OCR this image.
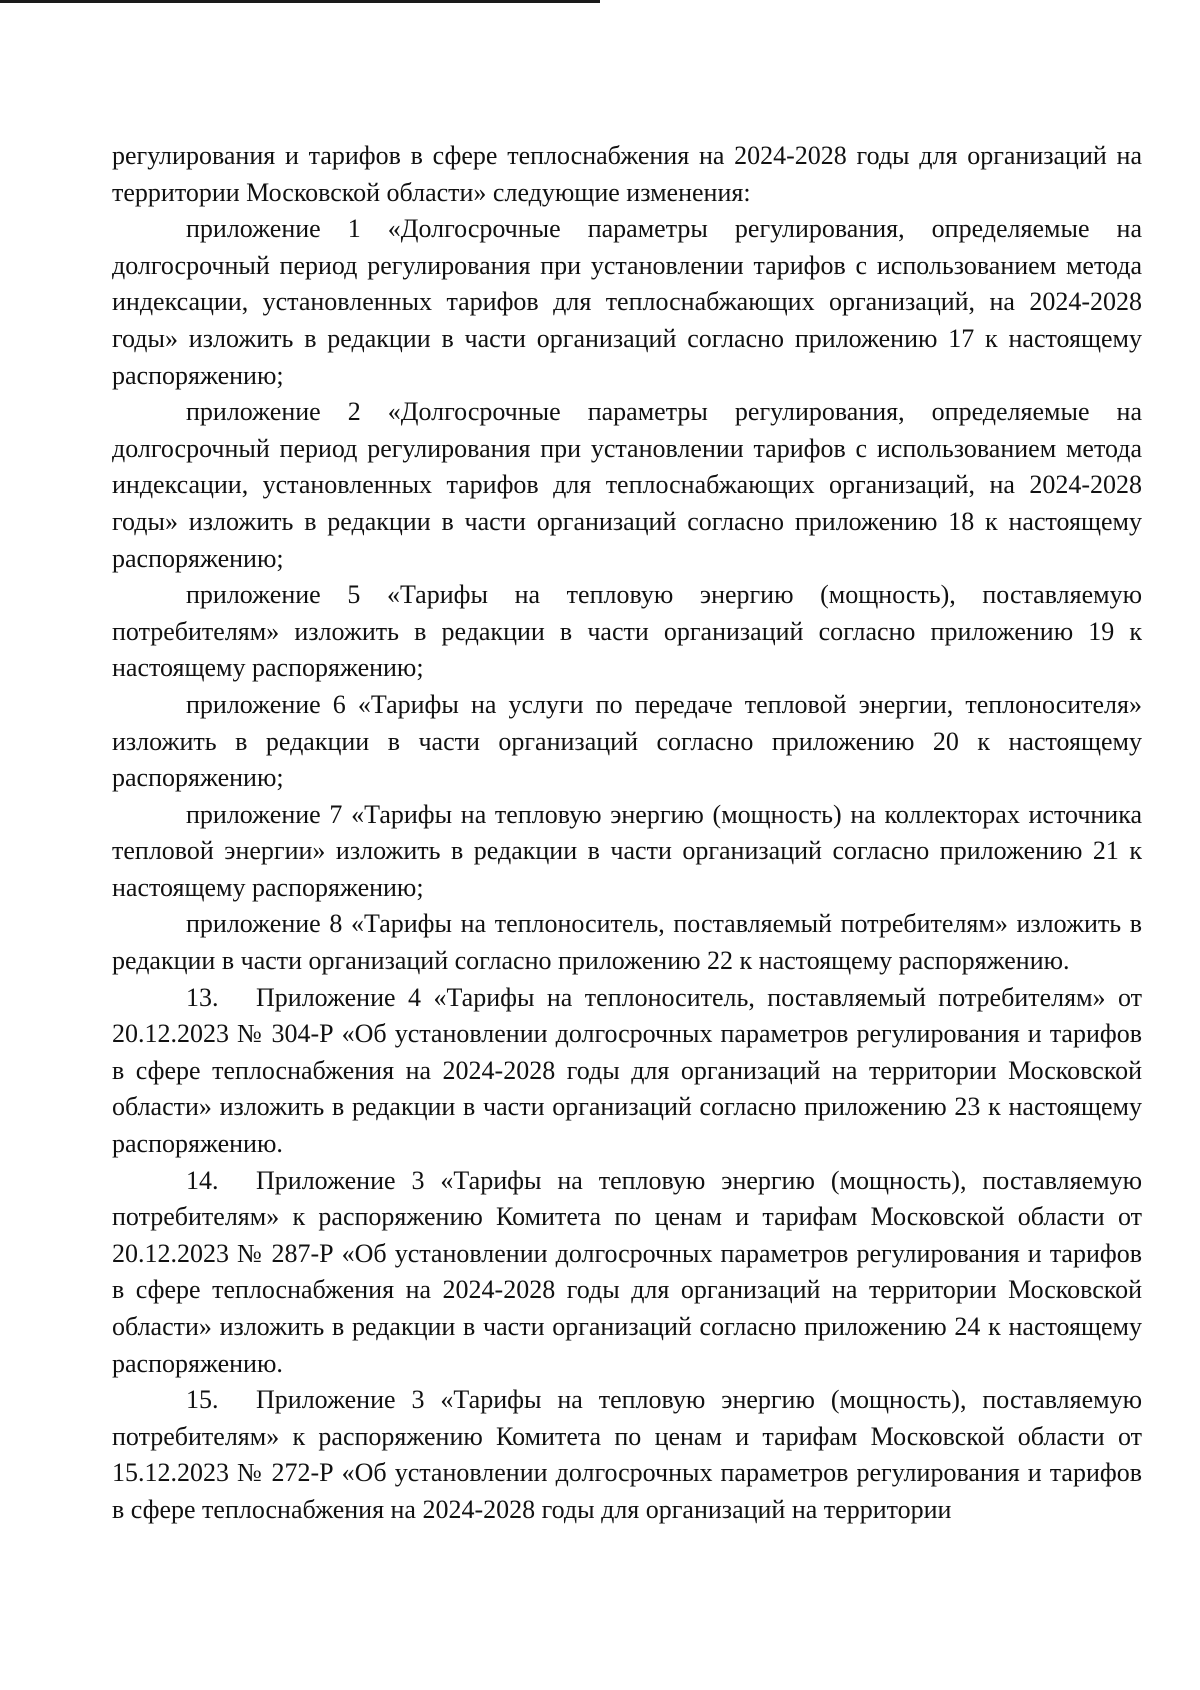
регулирования и тарифов в сфере теплоснабжения на 2024-2028 годы для организаций на территории Московской области» следующие изменения:

приложение 1 «Долгосрочные параметры регулирования, определяемые на долгосрочный период регулирования при установлении тарифов с использованием метода индексации, установленных тарифов для теплоснабжающих организаций, на 2024-2028 годы» изложить в редакции в части организаций согласно приложению 17 к настоящему распоряжению;

приложение 2 «Долгосрочные параметры регулирования, определяемые на долгосрочный период регулирования при установлении тарифов с использованием метода индексации, установленных тарифов для теплоснабжающих организаций, на 2024-2028 годы» изложить в редакции в части организаций согласно приложению 18 к настоящему распоряжению;

приложение 5 «Тарифы на тепловую энергию (мощность), поставляемую потребителям» изложить в редакции в части организаций согласно приложению 19 к настоящему распоряжению;

приложение 6 «Тарифы на услуги по передаче тепловой энергии, теплоносителя» изложить в редакции в части организаций согласно приложению 20 к настоящему распоряжению;

приложение 7 «Тарифы на тепловую энергию (мощность) на коллекторах источника тепловой энергии» изложить в редакции в части организаций согласно приложению 21 к настоящему распоряжению;

приложение 8 «Тарифы на теплоноситель, поставляемый потребителям» изложить в редакции в части организаций согласно приложению 22 к настоящему распоряжению.

13. Приложение 4 «Тарифы на теплоноситель, поставляемый потребителям» от 20.12.2023 № 304-Р «Об установлении долгосрочных параметров регулирования и тарифов в сфере теплоснабжения на 2024-2028 годы для организаций на территории Московской области» изложить в редакции в части организаций согласно приложению 23 к настоящему распоряжению.

14. Приложение 3 «Тарифы на тепловую энергию (мощность), поставляемую потребителям» к распоряжению Комитета по ценам и тарифам Московской области от 20.12.2023 № 287-Р «Об установлении долгосрочных параметров регулирования и тарифов в сфере теплоснабжения на 2024-2028 годы для организаций на территории Московской области» изложить в редакции в части организаций согласно приложению 24 к настоящему распоряжению.

15. Приложение 3 «Тарифы на тепловую энергию (мощность), поставляемую потребителям» к распоряжению Комитета по ценам и тарифам Московской области от 15.12.2023 № 272-Р «Об установлении долгосрочных параметров регулирования и тарифов в сфере теплоснабжения на 2024-2028 годы для организаций на территории
